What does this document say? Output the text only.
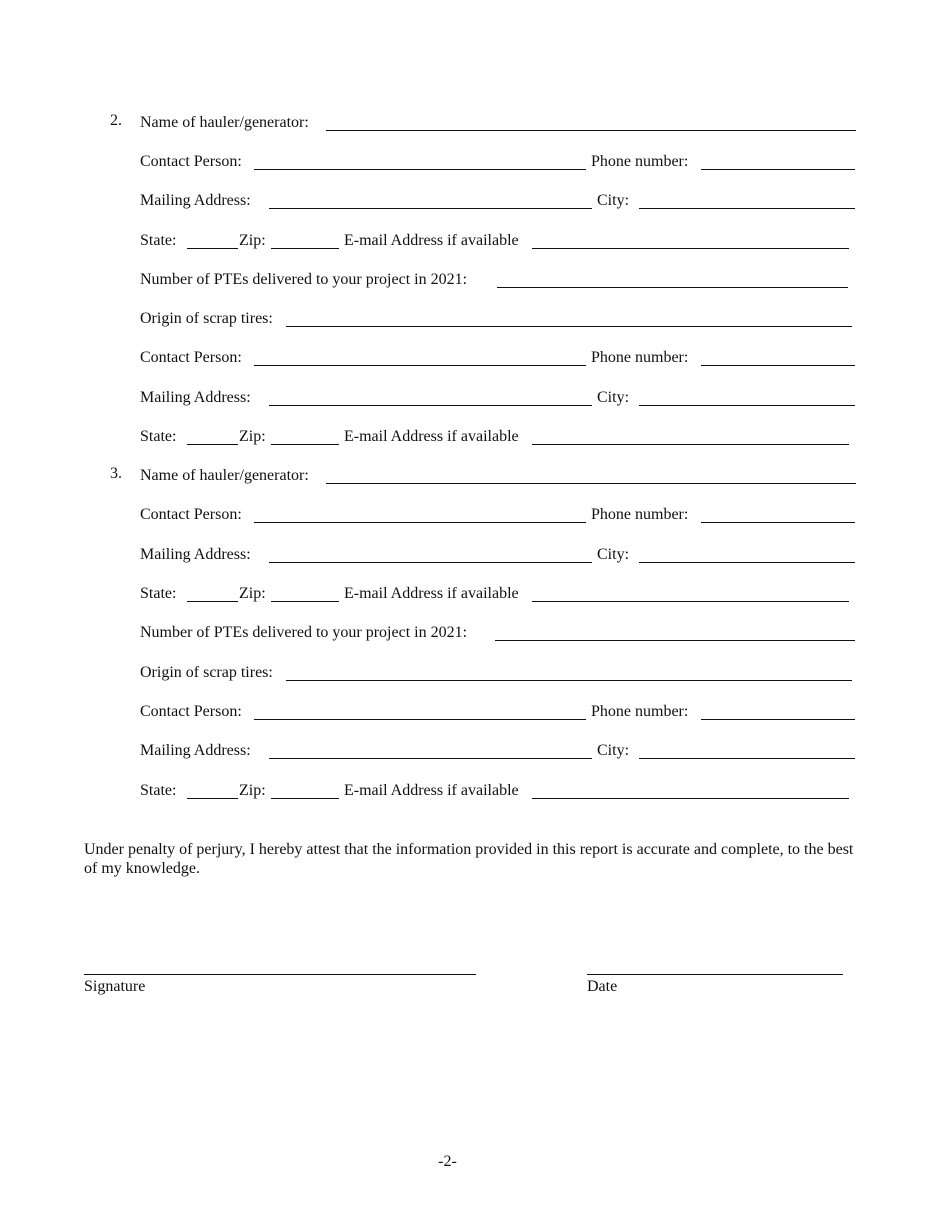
2. Name of hauler/generator:
Contact Person:	Phone number:
Mailing Address:	City:
State:	Zip:	E-mail Address if available
Number of PTEs delivered to your project in 2021:
Origin of scrap tires:
Contact Person:	Phone number:
Mailing Address:	City:
State:	Zip:	E-mail Address if available
3. Name of hauler/generator:
Contact Person:	Phone number:
Mailing Address:	City:
State:	Zip:	E-mail Address if available
Number of PTEs delivered to your project in 2021:
Origin of scrap tires:
Contact Person:	Phone number:
Mailing Address:	City:
State:	Zip:	E-mail Address if available
Under penalty of perjury, I hereby attest that the information provided in this report is accurate and complete, to the best of my knowledge.
Signature	Date
-2-
